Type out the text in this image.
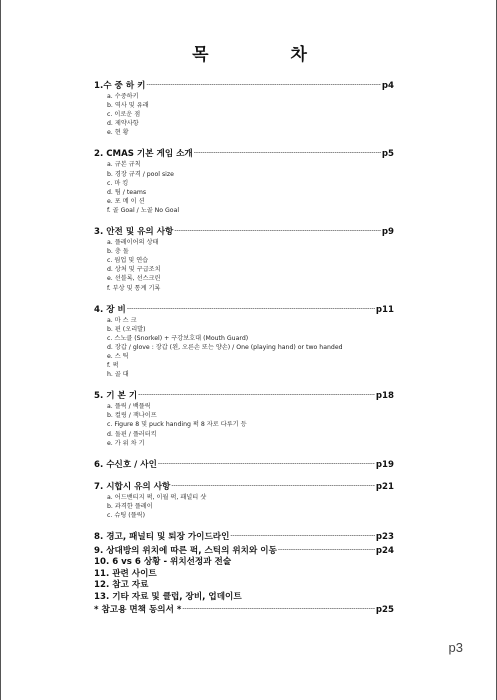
목 차
1.수 중 하 키 -----	p4
a. 수중하키
b. 역사 및 유래
c. 이로운 점
d. 제약사항
e. 현 황
2. CMAS 기본 게임 소개 -----	p5
a. 규본 규칙
b. 경장 규격 / pool size
c. 마 킹
d. 팀 / teams
e. 포 메 이 션
f. 골 Goal / 노골 No Goal
3. 안전 및 유의 사항 -----	p9
a. 플레이어의 상태
b. 충 돌
c. 웜업 및 연습
d. 상처 및 구급조치
e. 선블록, 선스크린
f. 부상 및 통계 기록
4. 장 비 -----	p11
a. 마 스 크
b. 핀 (오리발)
c. 스노클 (Snorkel) + 구강보호대 (Mouth Guard)
d. 장갑 / glove : 장갑 (왼, 오른손 또는 양손) / One (playing hand) or two handed
e. 스 틱
f. 퍽
h. 골 대
5. 기 본 기 -----	p18
a. 플릭 / 백플릭
b. 컬링 / 잭나이프
c. Figure 8 및 puck handing 퍽 8 자로 다루기 등
d. 돌핀 / 플러터킥
e. 가 위 차 기
6. 수신호 / 사인 -----	p19
7. 시합시 유의 사항 -----	p21
a. 어드밴티지 퍽, 이월 퍽, 패널티 샷
b. 과격한 플레이
c. 슈팅 (플릭)
8. 경고, 패널티 및 퇴장 가이드라인 -----	p23
9. 상대방의 위치에 따른 퍽, 스틱의 위치와 이동 -----	p24
10. 6 vs 6 상황 - 위치선정과 전술
11. 관련 사이트
12. 참고 자료
13. 기타 자료 및 클럽, 장비, 업데이트
* 참고용 면책 동의서 * -----	p25
p3
